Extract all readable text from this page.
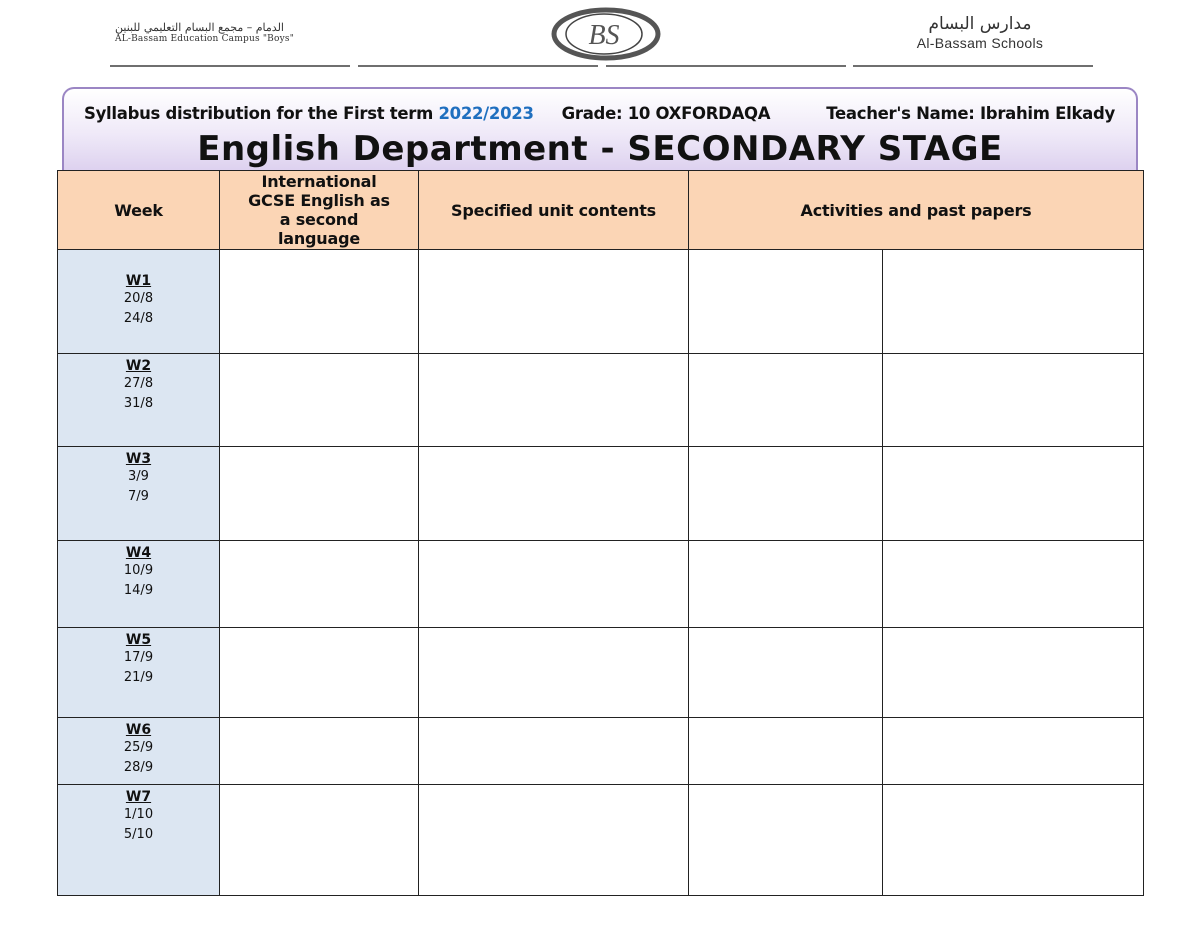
الدمام – مجمع البسام التعليمي للبنين
AL-Bassam Education Campus "Boys"	BS	مدارس البسام
Al-Bassam Schools
Syllabus distribution for the First term 2022/2023 Grade: 10 OXFORDAQA	Teacher's Name: Ibrahim Elkady
English Department - SECONDARY STAGE
Week	International GCSE English as a second language	Specified unit contents	Activities and past papers	

W1
20/8
24/8				

W2
27/8
31/8				

W3
3/9
7/9				

W4
10/9
14/9				

W5
17/9
21/9				

W6
25/9
28/9				

W7
1/10
5/10				
